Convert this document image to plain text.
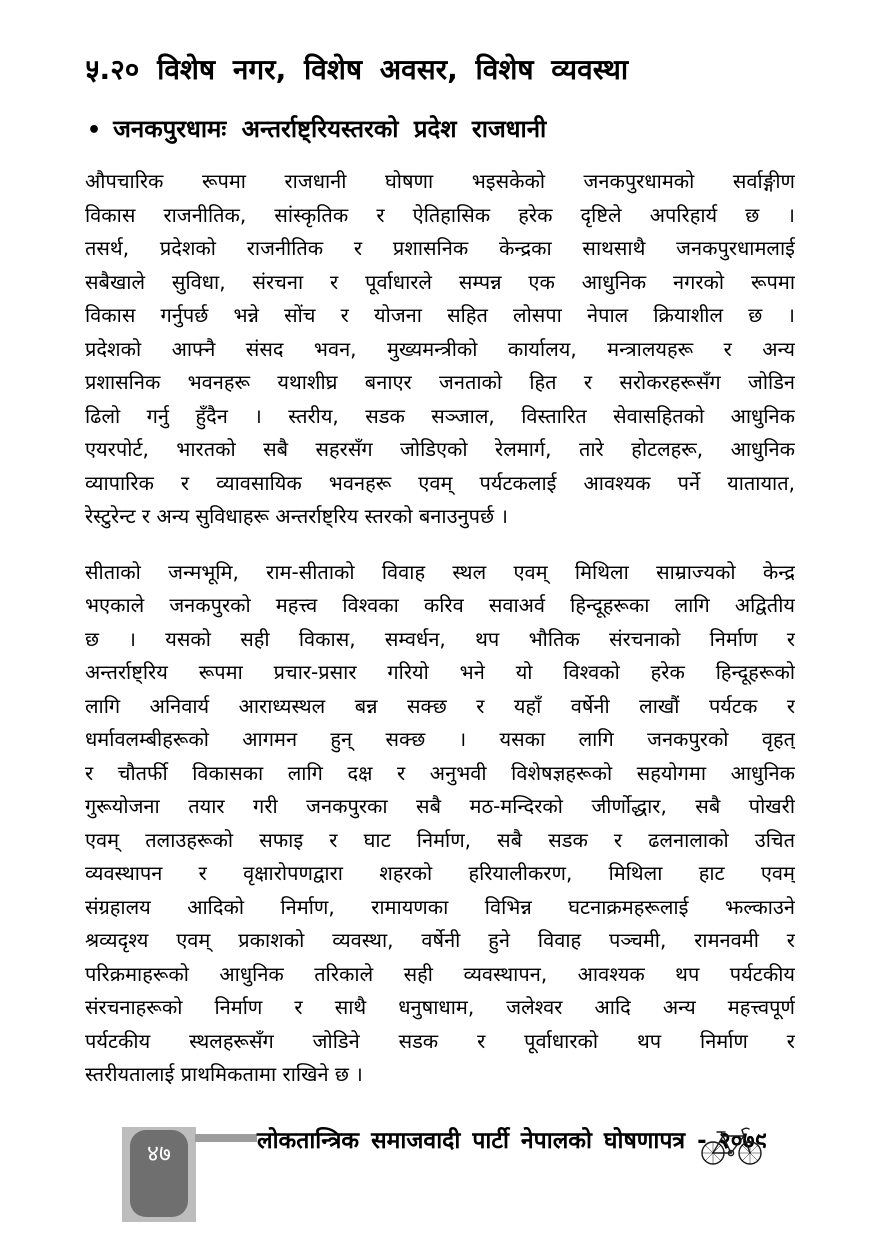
५.२० विशेष नगर, विशेष अवसर, विशेष व्यवस्था
• जनकपुरधामः अन्तर्राष्ट्रियस्तरको प्रदेश राजधानी
औपचारिक रूपमा राजधानी घोषणा भइसकेको जनकपुरधामको सर्वाङ्गीण
विकास राजनीतिक, सांस्कृतिक र ऐतिहासिक हरेक दृष्टिले अपरिहार्य छ ।
तसर्थ, प्रदेशको राजनीतिक र प्रशासनिक केन्द्रका साथसाथै जनकपुरधामलाई
सबैखाले सुविधा, संरचना र पूर्वाधारले सम्पन्न एक आधुनिक नगरको रूपमा
विकास गर्नुपर्छ भन्ने सोंच र योजना सहित लोसपा नेपाल क्रियाशील छ ।
प्रदेशको आफ्नै संसद भवन, मुख्यमन्त्रीको कार्यालय, मन्त्रालयहरू र अन्य
प्रशासनिक भवनहरू यथाशीघ्र बनाएर जनताको हित र सरोकरहरूसँग जोडिन
ढिलो गर्नु हुँदैन । स्तरीय, सडक सञ्जाल, विस्तारित सेवासहितको आधुनिक
एयरपोर्ट, भारतको सबै सहरसँग जोडिएको रेलमार्ग, तारे होटलहरू, आधुनिक
व्यापारिक र व्यावसायिक भवनहरू एवम् पर्यटकलाई आवश्यक पर्ने यातायात,
रेस्टुरेन्ट र अन्य सुविधाहरू अन्तर्राष्ट्रिय स्तरको बनाउनुपर्छ ।
सीताको जन्मभूमि, राम-सीताको विवाह स्थल एवम् मिथिला साम्राज्यको केन्द्र
भएकाले जनकपुरको महत्त्व विश्वका करिव सवाअर्व हिन्दूहरूका लागि अद्वितीय
छ । यसको सही विकास, सम्वर्धन, थप भौतिक संरचनाको निर्माण र
अन्तर्राष्ट्रिय रूपमा प्रचार-प्रसार गरियो भने यो विश्वको हरेक हिन्दूहरूको
लागि अनिवार्य आराध्यस्थल बन्न सक्छ र यहाँ वर्षेनी लाखौं पर्यटक र
धर्मावलम्बीहरूको आगमन हुन् सक्छ । यसका लागि जनकपुरको वृहत्
र चौतर्फी विकासका लागि दक्ष र अनुभवी विशेषज्ञहरूको सहयोगमा आधुनिक
गुरूयोजना तयार गरी जनकपुरका सबै मठ-मन्दिरको जीर्णोद्धार, सबै पोखरी
एवम् तलाउहरूको सफाइ र घाट निर्माण, सबै सडक र ढलनालाको उचित
व्यवस्थापन र वृक्षारोपणद्वारा शहरको हरियालीकरण, मिथिला हाट एवम्
संग्रहालय आदिको निर्माण, रामायणका विभिन्न घटनाक्रमहरूलाई झल्काउने
श्रव्यदृश्य एवम् प्रकाशको व्यवस्था, वर्षेनी हुने विवाह पञ्चमी, रामनवमी र
परिक्रमाहरूको आधुनिक तरिकाले सही व्यवस्थापन, आवश्यक थप पर्यटकीय
संरचनाहरूको निर्माण र साथै धनुषाधाम, जलेश्वर आदि अन्य महत्त्वपूर्ण
पर्यटकीय स्थलहरूसँग जोडिने सडक र पूर्वाधारको थप निर्माण र
स्तरीयतालाई प्राथमिकतामा राखिने छ ।
४७	लोकतान्त्रिक समाजवादी पार्टी नेपालको घोषणापत्र - २०७९
